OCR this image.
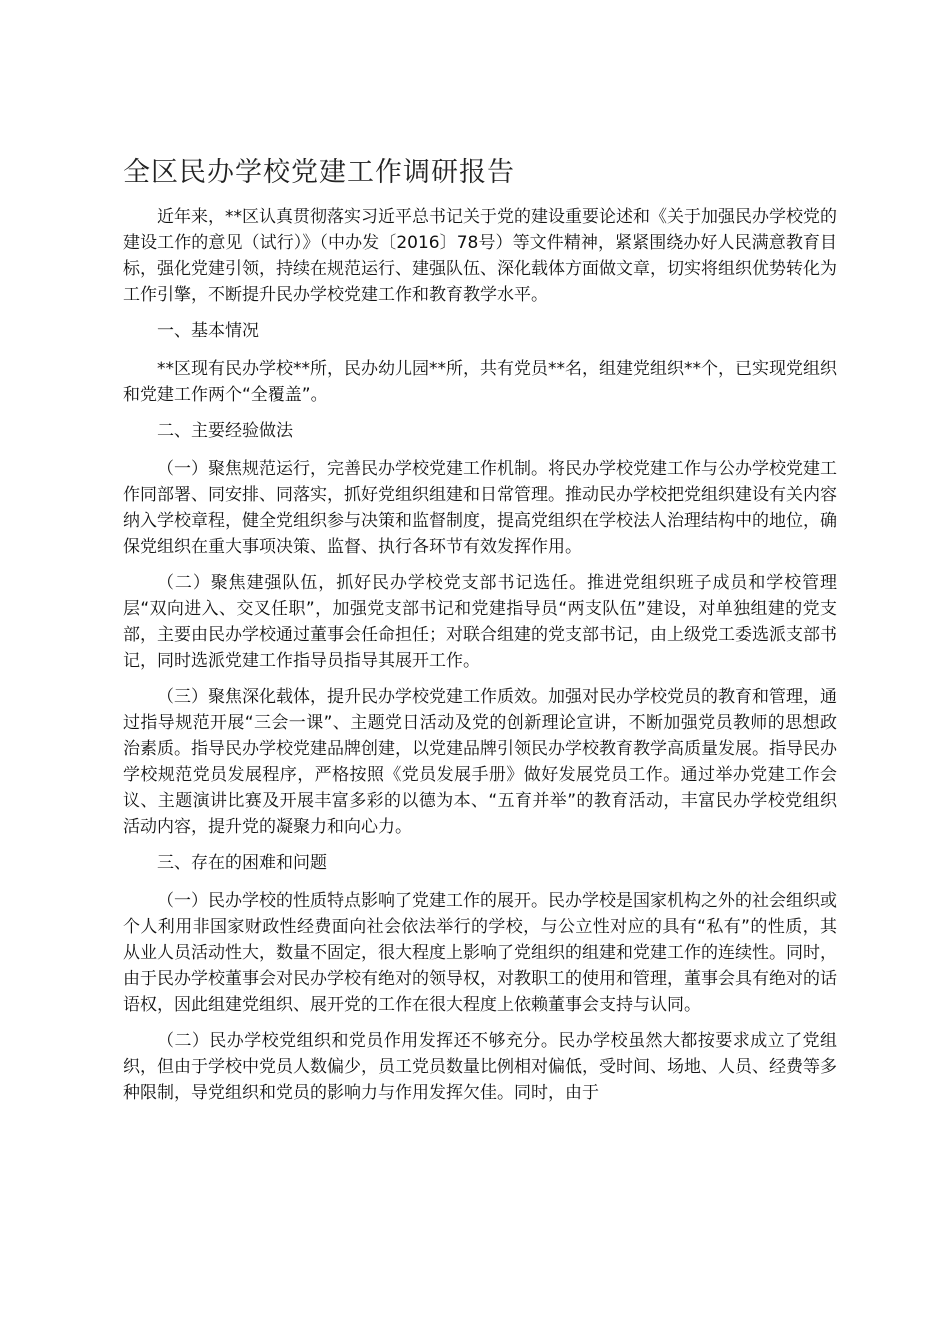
全区民办学校党建工作调研报告

近年来，**区认真贯彻落实习近平总书记关于党的建设重要论述和《关于加强民办学校党的建设工作的意见（试行）》（中办发〔2016〕78号）等文件精神，紧紧围绕办好人民满意教育目标，强化党建引领，持续在规范运行、建强队伍、深化载体方面做文章，切实将组织优势转化为工作引擎，不断提升民办学校党建工作和教育教学水平。

一、基本情况

**区现有民办学校**所，民办幼儿园**所，共有党员**名，组建党组织**个，已实现党组织和党建工作两个“全覆盖”。

二、主要经验做法

（一）聚焦规范运行，完善民办学校党建工作机制。将民办学校党建工作与公办学校党建工作同部署、同安排、同落实，抓好党组织组建和日常管理。推动民办学校把党组织建设有关内容纳入学校章程，健全党组织参与决策和监督制度，提高党组织在学校法人治理结构中的地位，确保党组织在重大事项决策、监督、执行各环节有效发挥作用。

（二）聚焦建强队伍，抓好民办学校党支部书记选任。推进党组织班子成员和学校管理层“双向进入、交叉任职”，加强党支部书记和党建指导员“两支队伍”建设，对单独组建的党支部，主要由民办学校通过董事会任命担任；对联合组建的党支部书记，由上级党工委选派支部书记，同时选派党建工作指导员指导其展开工作。

（三）聚焦深化载体，提升民办学校党建工作质效。加强对民办学校党员的教育和管理，通过指导规范开展“三会一课”、主题党日活动及党的创新理论宣讲，不断加强党员教师的思想政治素质。指导民办学校党建品牌创建，以党建品牌引领民办学校教育教学高质量发展。指导民办学校规范党员发展程序，严格按照《党员发展手册》做好发展党员工作。通过举办党建工作会议、主题演讲比赛及开展丰富多彩的以德为本、“五育并举”的教育活动，丰富民办学校党组织活动内容，提升党的凝聚力和向心力。

三、存在的困难和问题

（一）民办学校的性质特点影响了党建工作的展开。民办学校是国家机构之外的社会组织或个人利用非国家财政性经费面向社会依法举行的学校，与公立性对应的具有“私有”的性质，其从业人员活动性大，数量不固定，很大程度上影响了党组织的组建和党建工作的连续性。同时，由于民办学校董事会对民办学校有绝对的领导权，对教职工的使用和管理，董事会具有绝对的话语权，因此组建党组织、展开党的工作在很大程度上依赖董事会支持与认同。

（二）民办学校党组织和党员作用发挥还不够充分。民办学校虽然大都按要求成立了党组织，但由于学校中党员人数偏少，员工党员数量比例相对偏低，受时间、场地、人员、经费等多种限制，导党组织和党员的影响力与作用发挥欠佳。同时，由于
